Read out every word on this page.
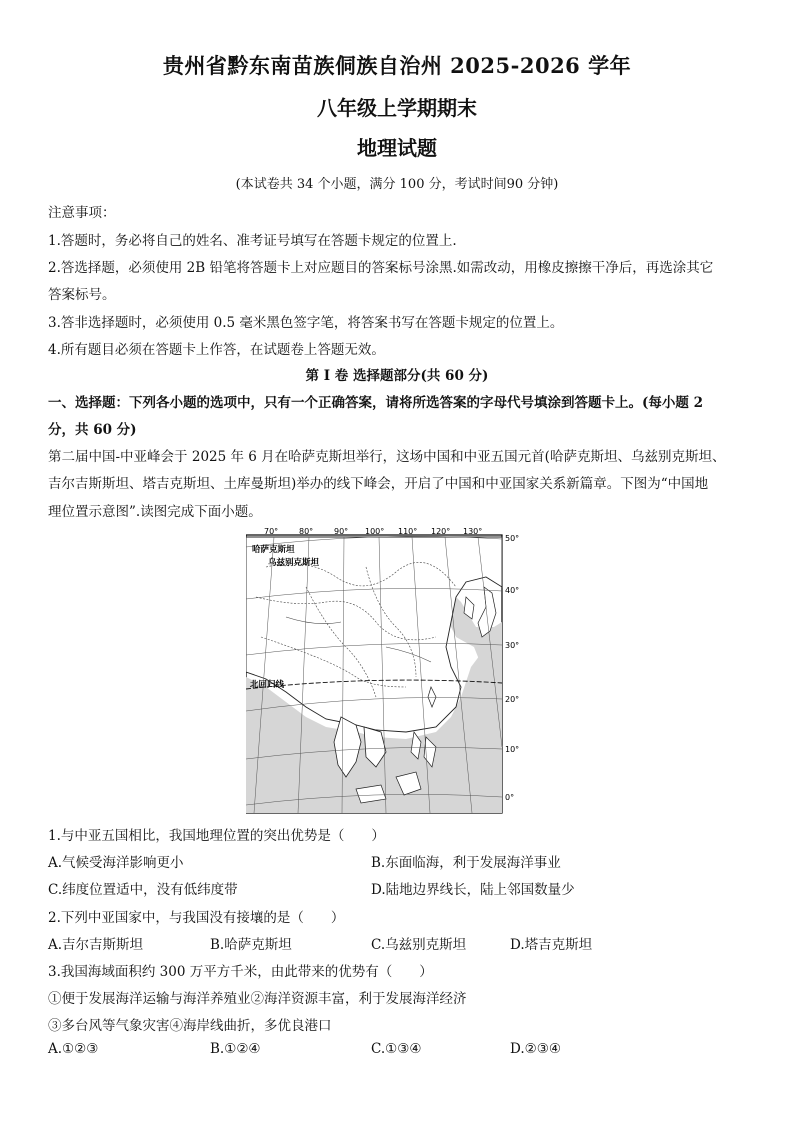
贵州省黔东南苗族侗族自治州 2025-2026 学年
八年级上学期期末
地理试题
(本试卷共 34 个小题，满分 100 分，考试时间90 分钟)
注意事项：
1.答题时，务必将自己的姓名、准考证号填写在答题卡规定的位置上.
2.答选择题，必须使用 2B 铅笔将答题卡上对应题目的答案标号涂黑.如需改动，用橡皮擦擦干净后，再选涂其它
答案标号。
3.答非选择题时，必须使用 0.5 毫米黑色签字笔，将答案书写在答题卡规定的位置上。
4.所有题目必须在答题卡上作答，在试题卷上答题无效。
第 I 卷 选择题部分(共 60 分)
一、选择题：下列各小题的选项中，只有一个正确答案，请将所选答案的字母代号填涂到答题卡上。(每小题 2
分，共 60 分)
第二届中国-中亚峰会于 2025 年 6 月在哈萨克斯坦举行，这场中国和中亚五国元首(哈萨克斯坦、乌兹别克斯坦、
吉尔吉斯斯坦、塔吉克斯坦、土库曼斯坦)举办的线下峰会，开启了中国和中亚国家关系新篇章。下图为“中国地
理位置示意图”.读图完成下面小题。
哈萨克斯坦
乌兹别克斯坦
北回归线
70°	80°	90° 100° 110° 120° 130°
50°
40°
30°
20°
10°
0°
1.与中亚五国相比，我国地理位置的突出优势是（　　）
A.气候受海洋影响更小	B.东面临海，利于发展海洋事业
C.纬度位置适中，没有低纬度带	D.陆地边界线长，陆上邻国数量少
2.下列中亚国家中，与我国没有接壤的是（　　）
A.吉尔吉斯斯坦	B.哈萨克斯坦	C.乌兹别克斯坦	D.塔吉克斯坦
3.我国海域面积约 300 万平方千米，由此带来的优势有（　　）
①便于发展海洋运输与海洋养殖业②海洋资源丰富，利于发展海洋经济
③多台风等气象灾害④海岸线曲折，多优良港口
A.①②③	B.①②④	C.①③④	D.②③④
